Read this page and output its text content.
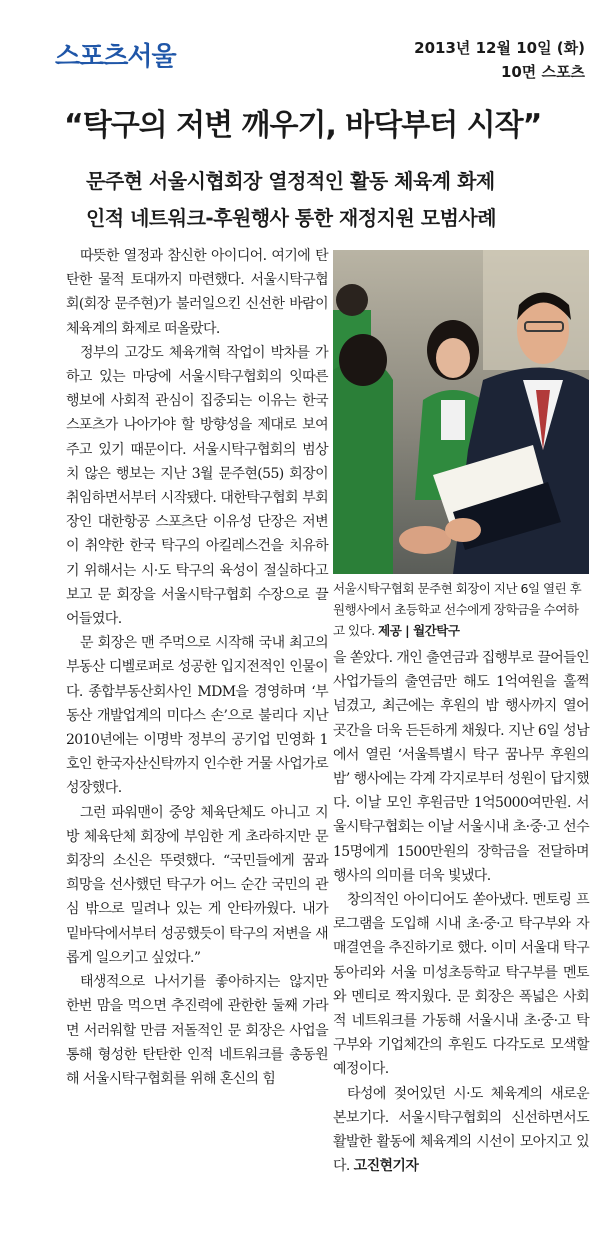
스포츠서울	2013년 12월 10일 (화)
10면 스포츠
“탁구의 저변 깨우기, 바닥부터 시작”
문주현 서울시협회장 열정적인 활동 체육계 화제
인적 네트워크-후원행사 통한 재정지원 모범사례

따뜻한 열정과 참신한 아이디어. 여기에 탄탄한 물적 토대까지 마련했다. 서울시탁구협회(회장 문주현)가 불러일으킨 신선한 바람이 체육계의 화제로 떠올랐다.

정부의 고강도 체육개혁 작업이 박차를 가하고 있는 마당에 서울시탁구협회의 잇따른 행보에 사회적 관심이 집중되는 이유는 한국 스포츠가 나아가야 할 방향성을 제대로 보여주고 있기 때문이다. 서울시탁구협회의 범상치 않은 행보는 지난 3월 문주현(55) 회장이 취임하면서부터 시작됐다. 대한탁구협회 부회장인 대한항공 스포츠단 이유성 단장은 저변이 취약한 한국 탁구의 아킬레스건을 치유하기 위해서는 시·도 탁구의 육성이 절실하다고 보고 문 회장을 서울시탁구협회 수장으로 끌어들였다.

문 회장은 맨 주먹으로 시작해 국내 최고의 부동산 디벨로퍼로 성공한 입지전적인 인물이다. 종합부동산회사인 MDM을 경영하며 ‘부동산 개발업계의 미다스 손’으로 불리다 지난 2010년에는 이명박 정부의 공기업 민영화 1호인 한국자산신탁까지 인수한 거물 사업가로 성장했다.

그런 파워맨이 중앙 체육단체도 아니고 지방 체육단체 회장에 부임한 게 초라하지만 문 회장의 소신은 뚜렷했다. “국민들에게 꿈과 희망을 선사했던 탁구가 어느 순간 국민의 관심 밖으로 밀려나 있는 게 안타까웠다. 내가 밑바닥에서부터 성공했듯이 탁구의 저변을 새롭게 일으키고 싶었다.”

태생적으로 나서기를 좋아하지는 않지만 한번 맘을 먹으면 추진력에 관한한 둘째 가라면 서러워할 만큼 저돌적인 문 회장은 사업을 통해 형성한 탄탄한 인적 네트워크를 총동원해 서울시탁구협회를 위해 혼신의 힘

서울시탁구협회 문주현 회장이 지난 6일 열린 후원행사에서 초등학교 선수에게 장학금을 수여하고 있다. 제공 | 월간탁구

을 쏟았다. 개인 출연금과 집행부로 끌어들인 사업가들의 출연금만 해도 1억여원을 훌쩍 넘겼고, 최근에는 후원의 밤 행사까지 열어 곳간을 더욱 든든하게 채웠다. 지난 6일 성남에서 열린 ‘서울특별시 탁구 꿈나무 후원의 밤’ 행사에는 각계 각지로부터 성원이 답지했다. 이날 모인 후원금만 1억5000여만원. 서울시탁구협회는 이날 서울시내 초·중·고 선수 15명에게 1500만원의 장학금을 전달하며 행사의 의미를 더욱 빛냈다.

창의적인 아이디어도 쏟아냈다. 멘토링 프로그램을 도입해 시내 초·중·고 탁구부와 자매결연을 추진하기로 했다. 이미 서울대 탁구 동아리와 서울 미성초등학교 탁구부를 멘토와 멘티로 짝지웠다. 문 회장은 폭넓은 사회적 네트워크를 가동해 서울시내 초·중·고 탁구부와 기업체간의 후원도 다각도로 모색할 예정이다.

타성에 젖어있던 시·도 체육계의 새로운 본보기다. 서울시탁구협회의 신선하면서도 활발한 활동에 체육계의 시선이 모아지고 있다. 고진현기자
